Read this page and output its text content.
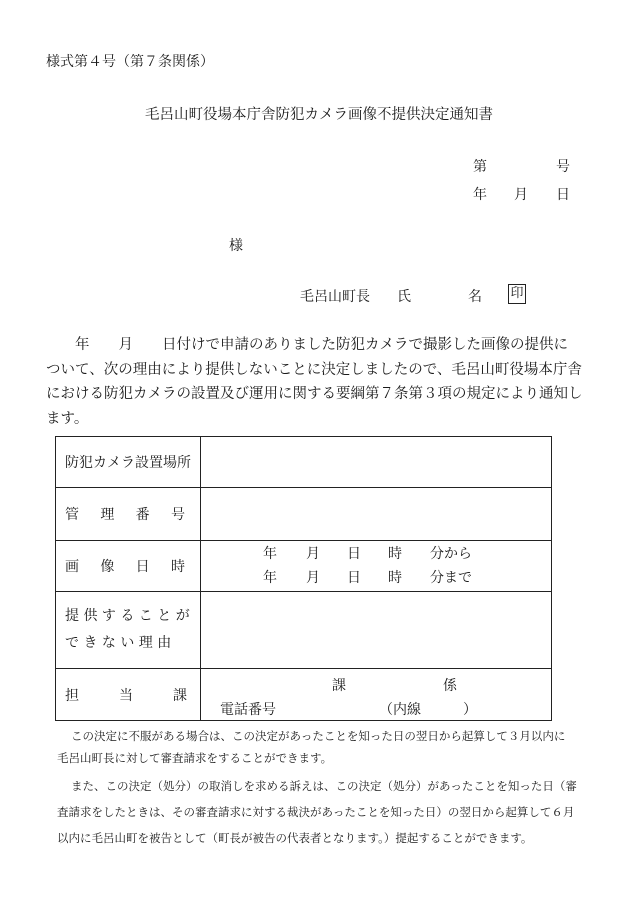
様式第４号（第７条関係）
毛呂山町役場本庁舎防犯カメラ画像不提供決定通知書
第	号
年 月 日
様
毛呂山町長 氏	名 印
　　年　　月　　日付けで申請のありました防犯カメラで撮影した画像の提供に
ついて、次の理由により提供しないことに決定しましたので、毛呂山町役場本庁舎
における防犯カメラの設置及び運用に関する要綱第７条第３項の規定により通知し
ます。
防犯カメラ設置場所	

管 理 番 号	

画 像 日 時	年 月 日 時 分から
年 月 日 時 分まで

提 供 す る こ と が
で き な い 理 由	

担 当 課	課 係
電話番号 （内線　　　）
この決定に不服がある場合は、この決定があったことを知った日の翌日から起算して３月以内に
毛呂山町長に対して審査請求をすることができます。
また、この決定（処分）の取消しを求める訴えは、この決定（処分）があったことを知った日（審
査請求をしたときは、その審査請求に対する裁決があったことを知った日）の翌日から起算して６月
以内に毛呂山町を被告として（町長が被告の代表者となります。）提起することができます。
